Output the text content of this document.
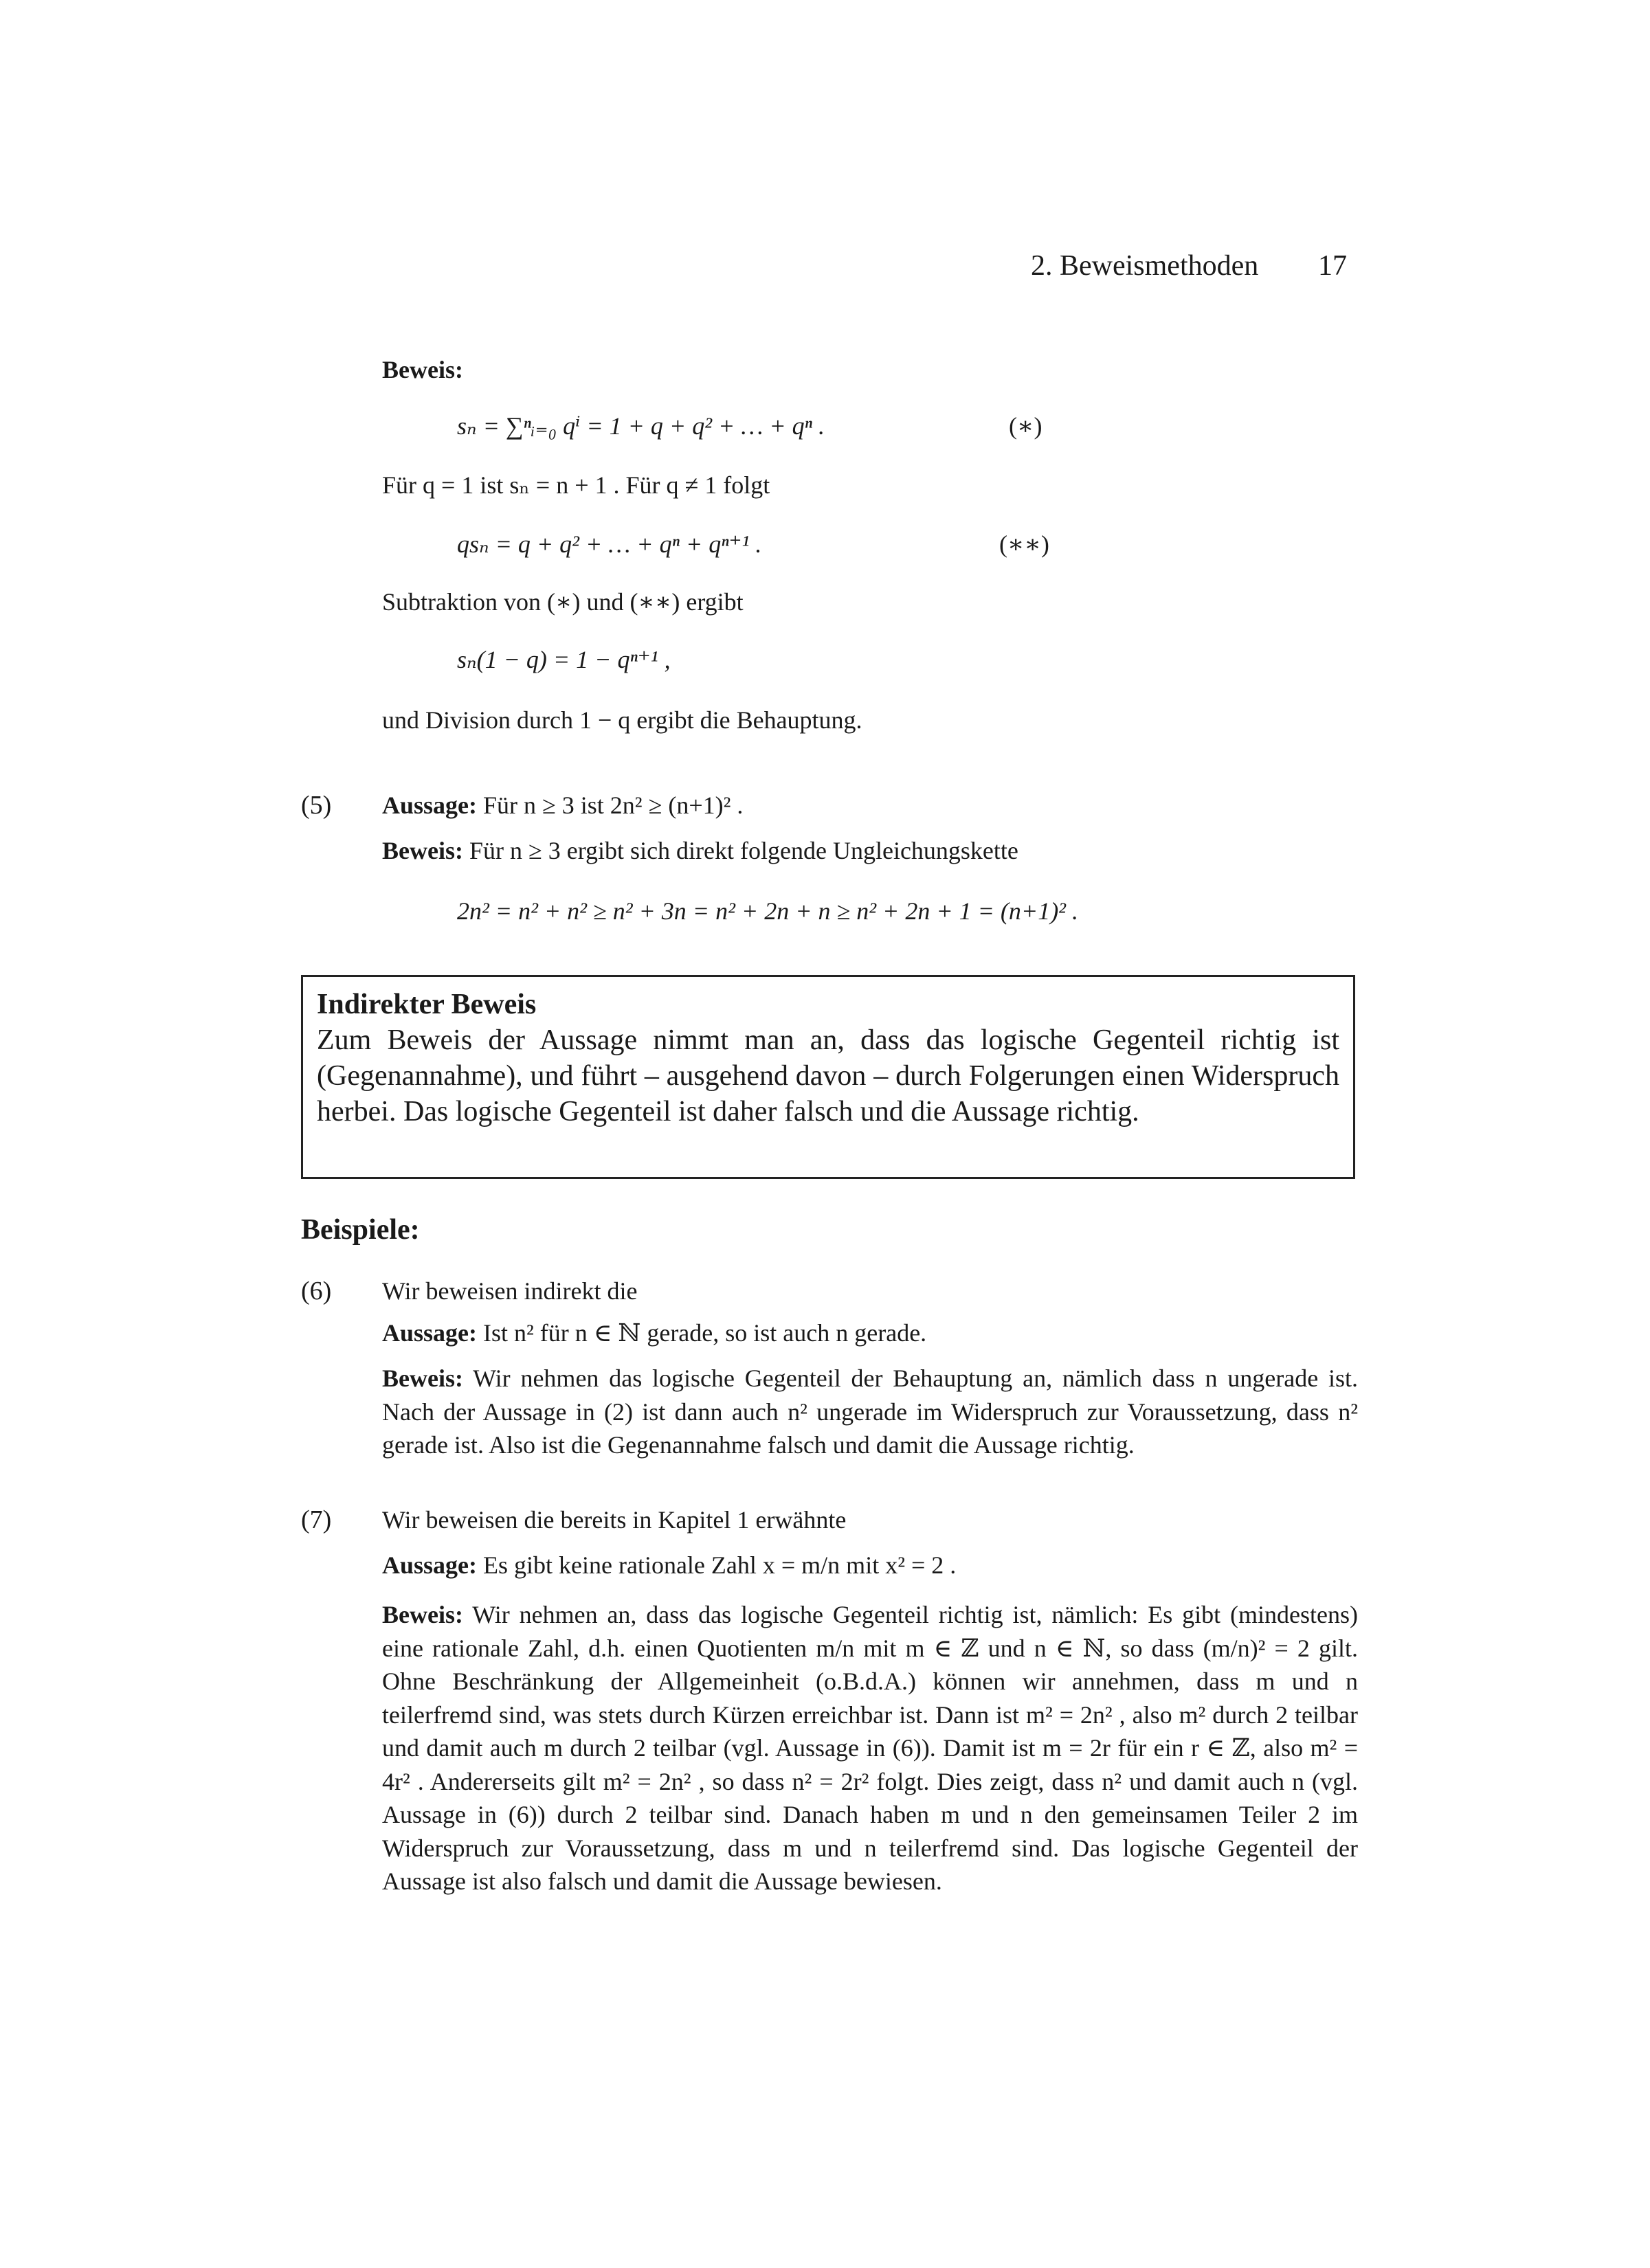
2. Beweismethoden 17
Beweis:
sₙ = ∑ⁿᵢ₌₀ qⁱ = 1 + q + q² + … + qⁿ .	(∗)
Für q = 1 ist sₙ = n + 1 . Für q ≠ 1 folgt
qsₙ = q + q² + … + qⁿ + qⁿ⁺¹ .	(∗∗)
Subtraktion von (∗) und (∗∗) ergibt
sₙ(1 − q) = 1 − qⁿ⁺¹ ,
und Division durch 1 − q ergibt die Behauptung.
(5) Aussage: Für n ≥ 3 ist 2n² ≥ (n+1)² .
Beweis: Für n ≥ 3 ergibt sich direkt folgende Ungleichungskette
2n² = n² + n² ≥ n² + 3n = n² + 2n + n ≥ n² + 2n + 1 = (n+1)² .
Indirekter Beweis
Zum Beweis der Aussage nimmt man an, dass das logische Gegenteil richtig ist (Gegenannahme), und führt – ausgehend davon – durch Folgerungen einen Widerspruch herbei. Das logische Gegenteil ist daher falsch und die Aussage richtig.
Beispiele:
(6) Wir beweisen indirekt die
Aussage: Ist n² für n ∈ ℕ gerade, so ist auch n gerade.

Beweis: Wir nehmen das logische Gegenteil der Behauptung an, nämlich dass n ungerade ist. Nach der Aussage in (2) ist dann auch n² ungerade im Widerspruch zur Voraussetzung, dass n² gerade ist. Also ist die Gegenannahme falsch und damit die Aussage richtig.

(7) Wir beweisen die bereits in Kapitel 1 erwähnte
Aussage: Es gibt keine rationale Zahl x = m/n mit x² = 2 .

Beweis: Wir nehmen an, dass das logische Gegenteil richtig ist, nämlich: Es gibt (mindestens) eine rationale Zahl, d.h. einen Quotienten m/n mit m ∈ ℤ und n ∈ ℕ, so dass (m/n)² = 2 gilt. Ohne Beschränkung der Allgemeinheit (o.B.d.A.) können wir annehmen, dass m und n teilerfremd sind, was stets durch Kürzen erreichbar ist. Dann ist m² = 2n² , also m² durch 2 teilbar und damit auch m durch 2 teilbar (vgl. Aussage in (6)). Damit ist m = 2r für ein r ∈ ℤ, also m² = 4r² . Andererseits gilt m² = 2n² , so dass n² = 2r² folgt. Dies zeigt, dass n² und damit auch n (vgl. Aussage in (6)) durch 2 teilbar sind. Danach haben m und n den gemeinsamen Teiler 2 im Widerspruch zur Voraussetzung, dass m und n teilerfremd sind. Das logische Gegenteil der Aussage ist also falsch und damit die Aussage bewiesen.
